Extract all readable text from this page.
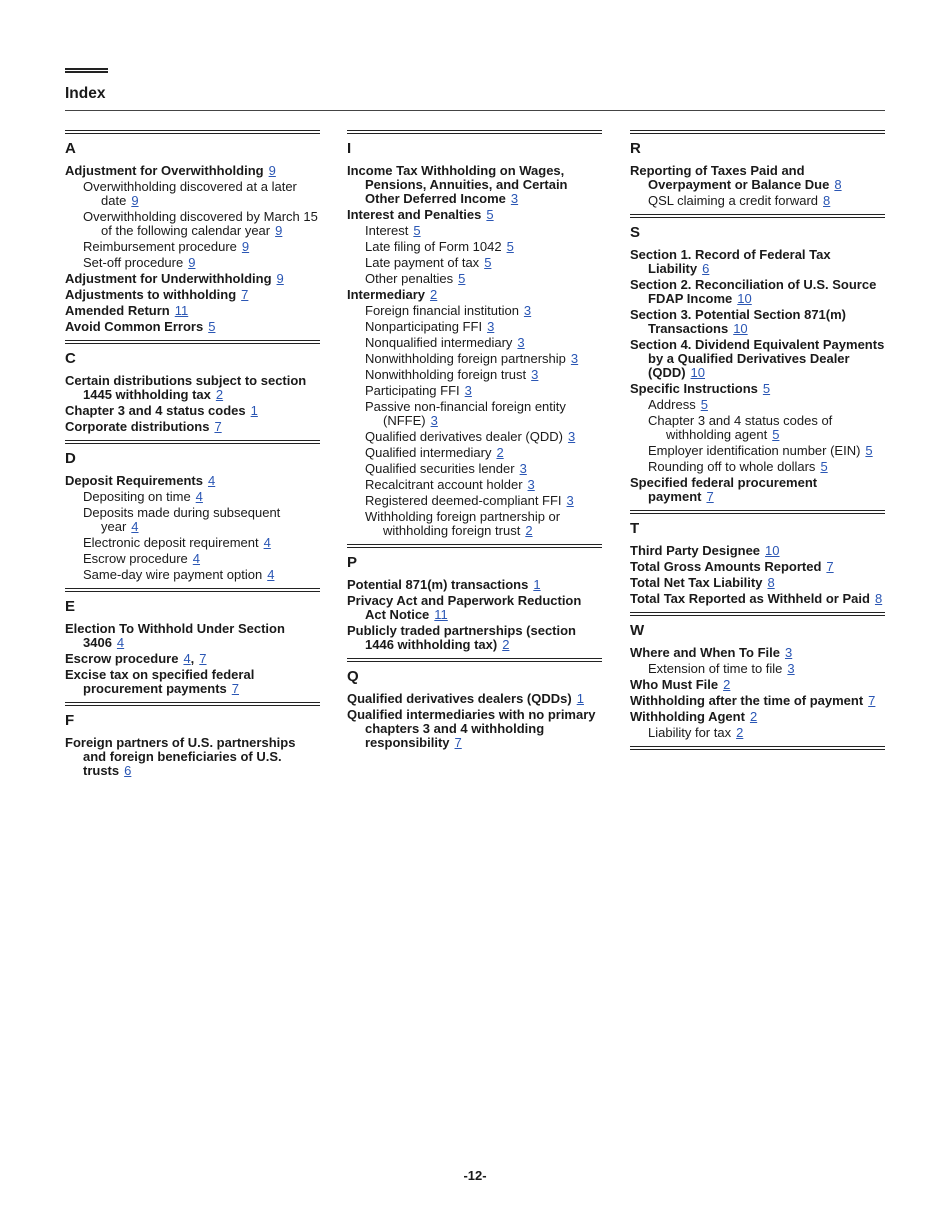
Index
A
Adjustment for Overwithholding 9
Overwithholding discovered at a later date 9
Overwithholding discovered by March 15 of the following calendar year 9
Reimbursement procedure 9
Set-off procedure 9
Adjustment for Underwithholding 9
Adjustments to withholding 7
Amended Return 11
Avoid Common Errors 5
C
Certain distributions subject to section 1445 withholding tax 2
Chapter 3 and 4 status codes 1
Corporate distributions 7
D
Deposit Requirements 4
Depositing on time 4
Deposits made during subsequent year 4
Electronic deposit requirement 4
Escrow procedure 4
Same-day wire payment option 4
E
Election To Withhold Under Section 3406 4
Escrow procedure 4, 7
Excise tax on specified federal procurement payments 7
F
Foreign partners of U.S. partnerships and foreign beneficiaries of U.S. trusts 6
I
Income Tax Withholding on Wages, Pensions, Annuities, and Certain Other Deferred Income 3
Interest and Penalties 5
Interest 5
Late filing of Form 1042 5
Late payment of tax 5
Other penalties 5
Intermediary 2
Foreign financial institution 3
Nonparticipating FFI 3
Nonqualified intermediary 3
Nonwithholding foreign partnership 3
Nonwithholding foreign trust 3
Participating FFI 3
Passive non-financial foreign entity (NFFE) 3
Qualified derivatives dealer (QDD) 3
Qualified intermediary 2
Qualified securities lender 3
Recalcitrant account holder 3
Registered deemed-compliant FFI 3
Withholding foreign partnership or withholding foreign trust 2
P
Potential 871(m) transactions 1
Privacy Act and Paperwork Reduction Act Notice 11
Publicly traded partnerships (section 1446 withholding tax) 2
Q
Qualified derivatives dealers (QDDs) 1
Qualified intermediaries with no primary chapters 3 and 4 withholding responsibility 7
R
Reporting of Taxes Paid and Overpayment or Balance Due 8
QSL claiming a credit forward 8
S
Section 1. Record of Federal Tax Liability 6
Section 2. Reconciliation of U.S. Source FDAP Income 10
Section 3. Potential Section 871(m) Transactions 10
Section 4. Dividend Equivalent Payments by a Qualified Derivatives Dealer (QDD) 10
Specific Instructions 5
Address 5
Chapter 3 and 4 status codes of withholding agent 5
Employer identification number (EIN) 5
Rounding off to whole dollars 5
Specified federal procurement payment 7
T
Third Party Designee 10
Total Gross Amounts Reported 7
Total Net Tax Liability 8
Total Tax Reported as Withheld or Paid 8
W
Where and When To File 3
Extension of time to file 3
Who Must File 2
Withholding after the time of payment 7
Withholding Agent 2
Liability for tax 2
-12-
